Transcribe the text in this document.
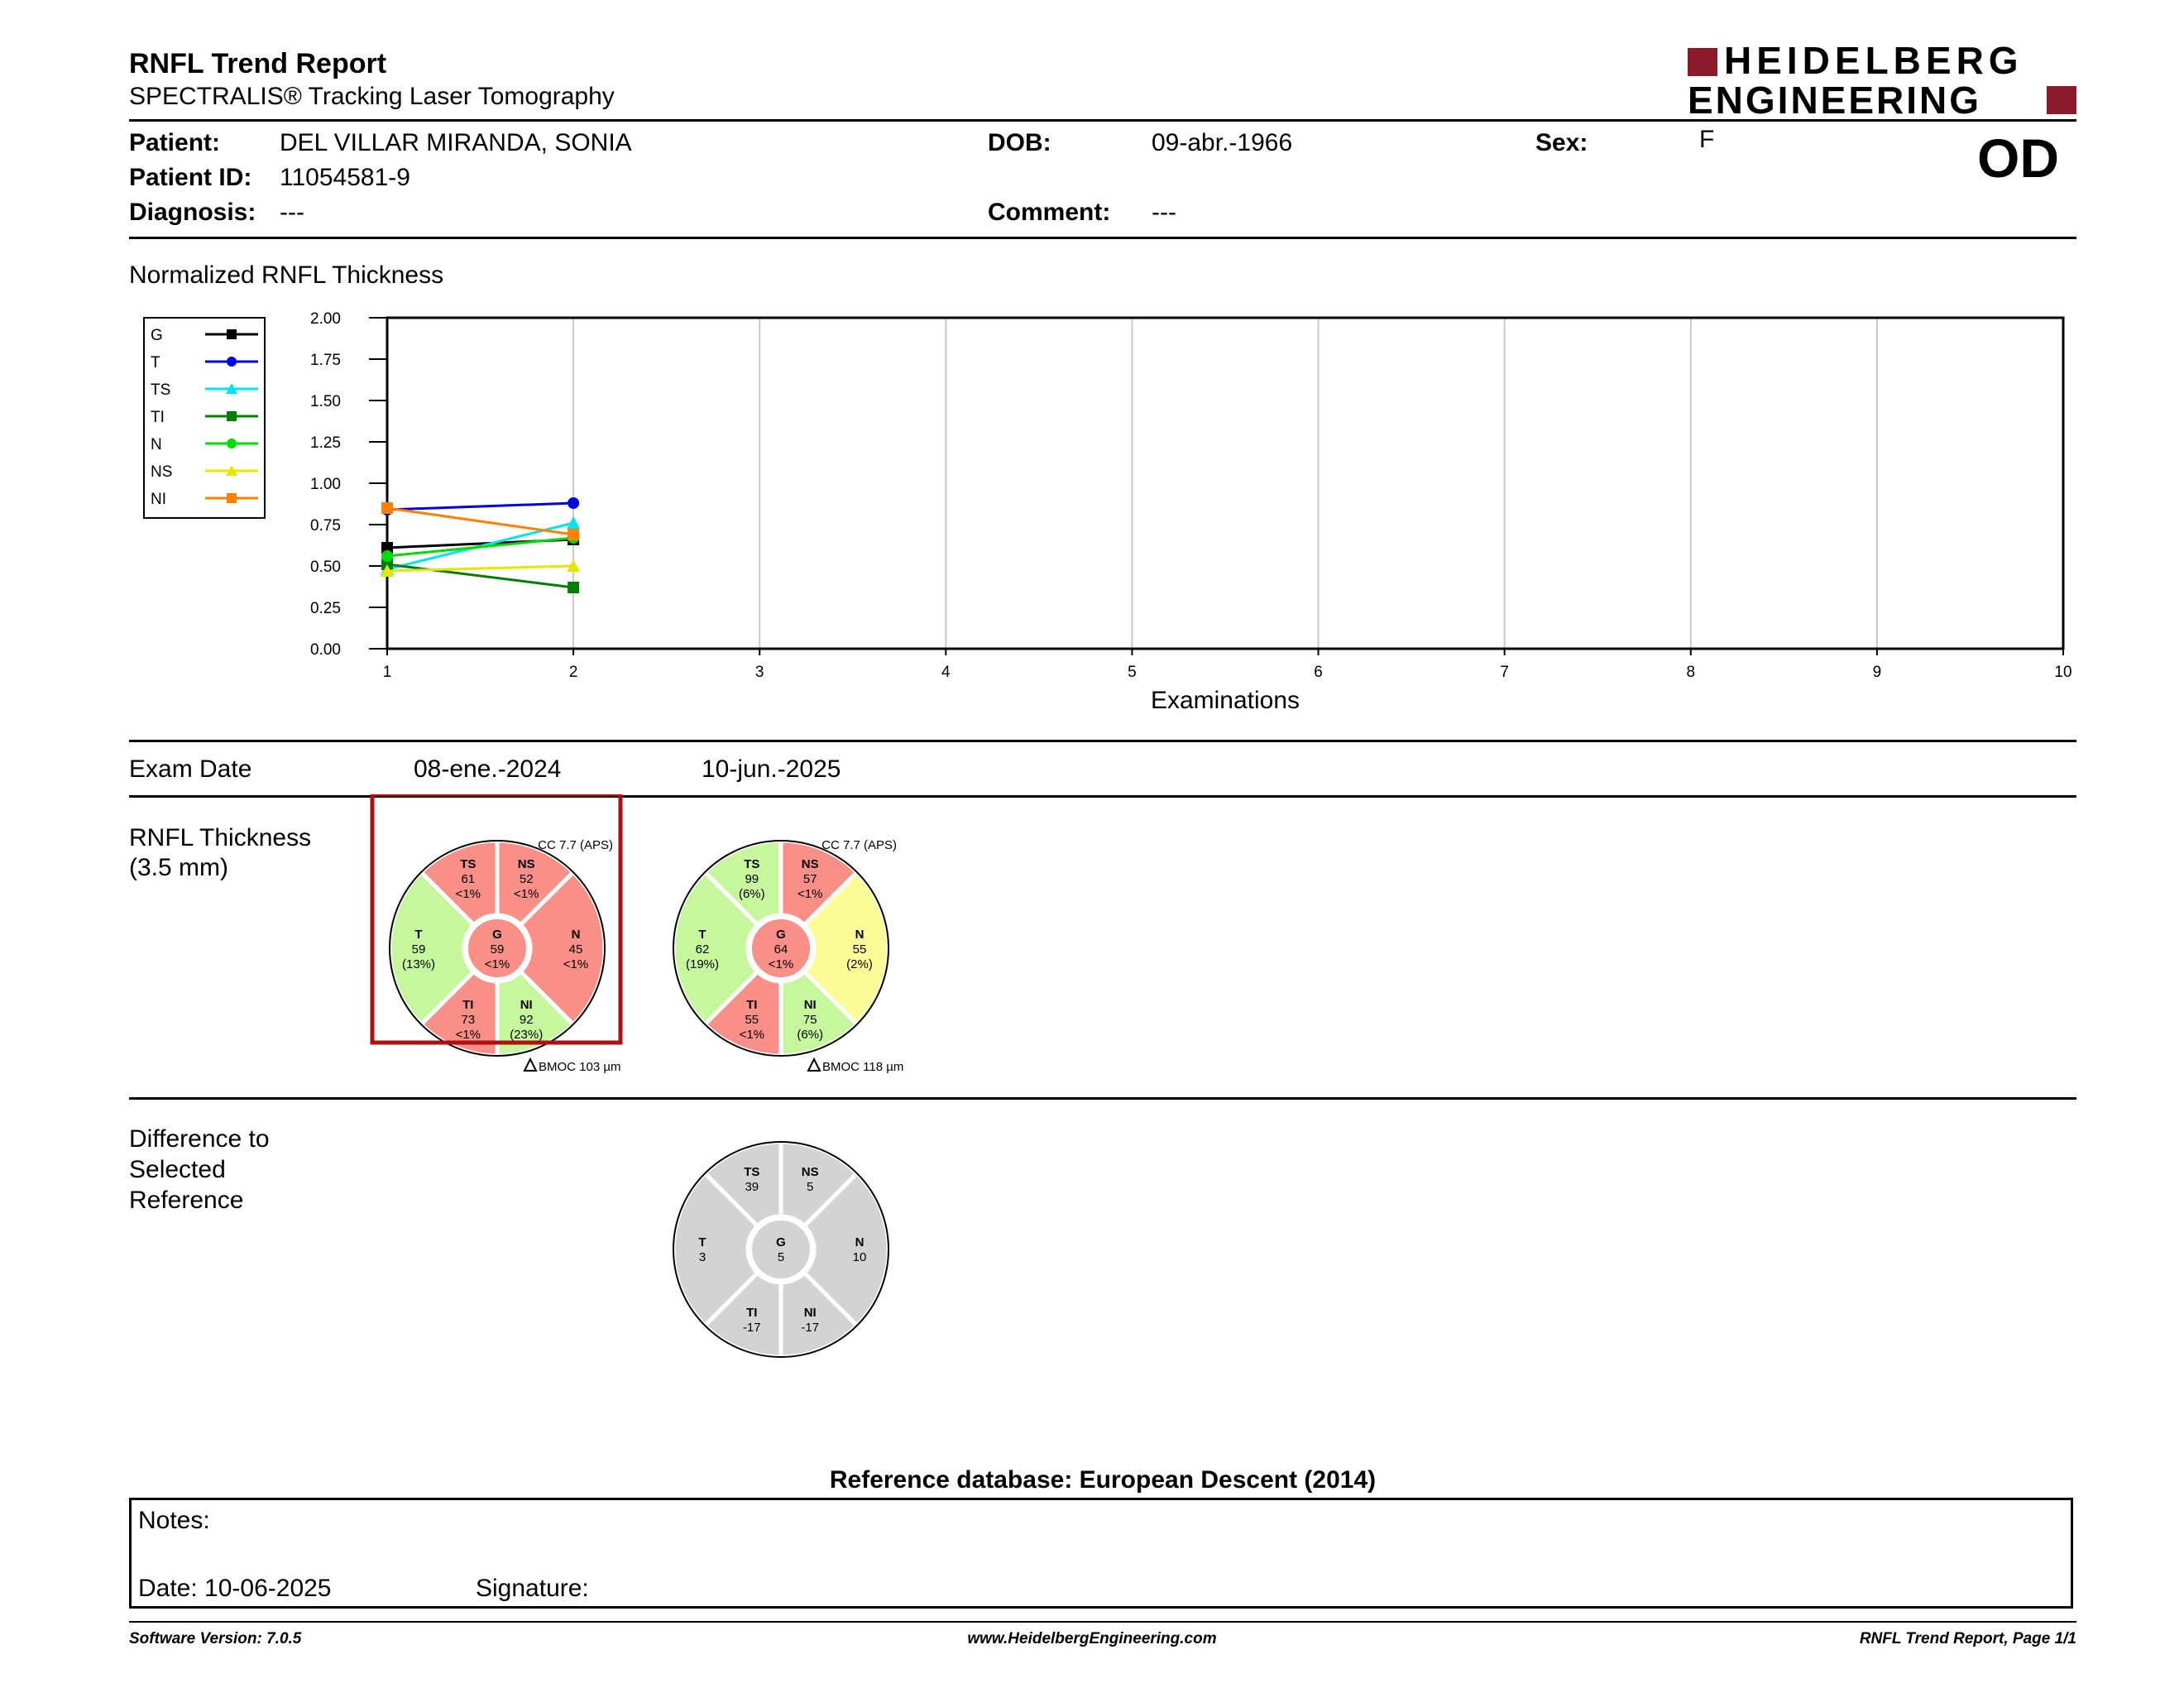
RNFL Trend Report
SPECTRALIS® Tracking Laser Tomography
HEIDELBERG
ENGINEERING
Patient: DEL VILLAR MIRANDA, SONIA
Patient ID: 11054581-9
Diagnosis: ---
DOB:	09-abr.-1966
Comment: ---
Sex:	F	OD
Normalized RNFL Thickness
G
T
TS
TI
N
NS
NI
1	2	3	4	5	6	7	8	9	10
0.00
0.25
0.50
0.75
1.00
1.25
1.50
1.75
2.00
Examinations
Exam Date	08-ene.-2024	10-jun.-2025
RNFL Thickness
(3.5 mm)	TS
61
<1%
NS
52
<1%
N
45
<1%
NI
92
(23%)
TI
73
<1%
T
59
(13%)
G
59
<1%
CC 7.7 (APS)
BMOC 103 µm
TS
99
(6%)
NS
57
<1%
N
55
(2%)
NI
75
(6%)
TI
55
<1%
T
62
(19%)
G
64
<1%
CC 7.7 (APS)
BMOC 118 µm
TS
39
NS
5
N
10
NI
-17
TI
-17
T
3
G
5
Difference to
Selected
Reference
Reference database: European Descent (2014)
Notes:
Date: 10-06-2025	Signature:
Software Version: 7.0.5	www.HeidelbergEngineering.com	RNFL Trend Report, Page 1/1
